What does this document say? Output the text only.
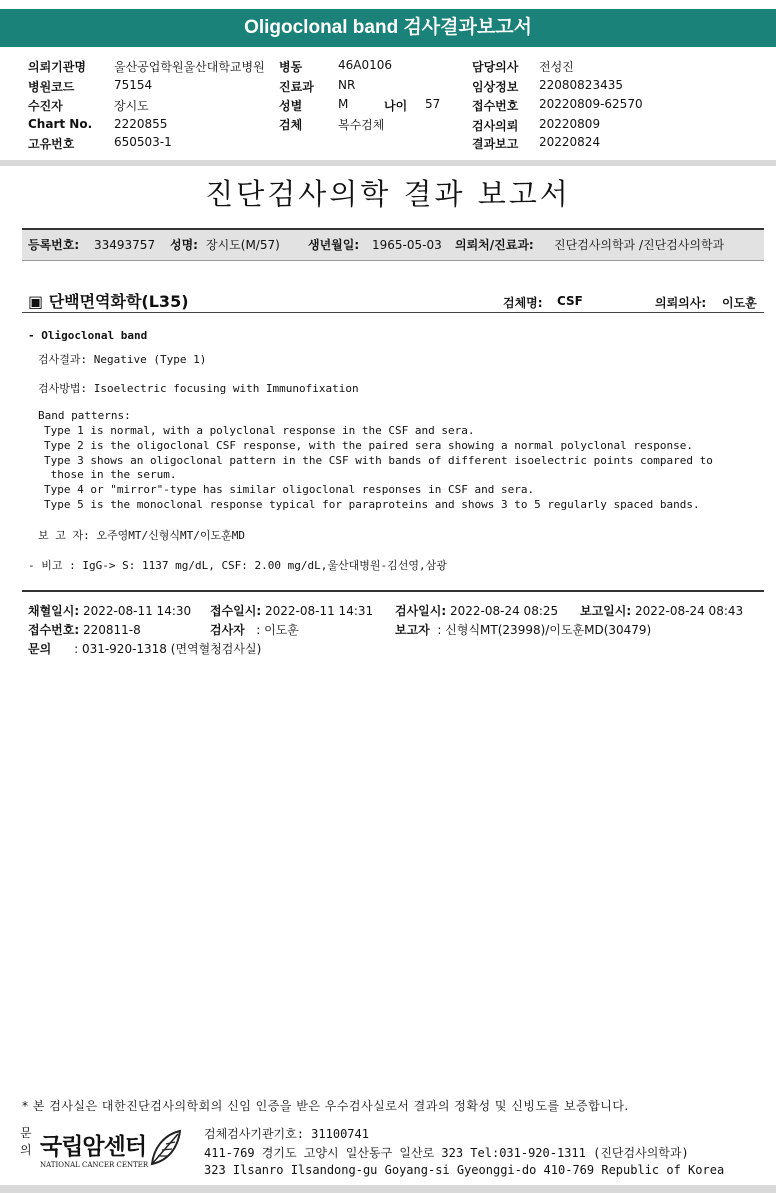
Oligoclonal band 검사결과보고서
의뢰기관명 울산공업학원울산대학교병원 병동	46A0106	담당의사 전성진
병원코드	75154	진료과 NR	임상정보 22080823435
수진자	장시도	성별	M	나이 57	접수번호 20220809-62570
Chart No. 2220855	검체	복수검체	검사의뢰 20220809
고유번호	650503-1	결과보고 20220824
진단검사의학 결과 보고서
등록번호: 33493757 성명: 장시도(M/57) 생년월일: 1965-05-03 의뢰처/진료과: 진단검사의학과 /진단검사의학과
▣ 단백면역화학(L35)	검체명: CSF	의뢰의사: 이도훈
- Oligoclonal band
검사결과: Negative (Type 1)
검사방법: Isoelectric focusing with Immunofixation
Band patterns:
Type 1 is normal, with a polyclonal response in the CSF and sera.
Type 2 is the oligoclonal CSF response, with the paired sera showing a normal polyclonal response.
Type 3 shows an oligoclonal pattern in the CSF with bands of different isoelectric points compared to
those in the serum.
Type 4 or "mirror"-type has similar oligoclonal responses in CSF and sera.
Type 5 is the monoclonal response typical for paraproteins and shows 3 to 5 regularly spaced bands.
보 고 자: 오주영MT/신형식MT/이도훈MD
- 비고 : IgG-> S: 1137 mg/dL, CSF: 2.00 mg/dL,울산대병원-김선영,삼광
채혈일시: 2022-08-11 14:30 접수일시: 2022-08-11 14:31 검사일시: 2022-08-24 08:25 보고일시: 2022-08-24 08:43
접수번호: 220811-8	검사자   : 이도훈	보고자  : 신형식MT(23998)/이도훈MD(30479)
문의      : 031-920-1318 (면역혈청검사실)
* 본 검사실은 대한진단검사의학회의 신임 인증을 받은 우수검사실로서 결과의 정확성 및 신빙도를 보증합니다.
문의 국립암센터
NATIONAL CANCER CENTER
검체검사기관기호: 31100741
411-769 경기도 고양시 일산동구 일산로 323 Tel:031-920-1311 (진단검사의학과)
323 Ilsanro Ilsandong-gu Goyang-si Gyeonggi-do 410-769 Republic of Korea
